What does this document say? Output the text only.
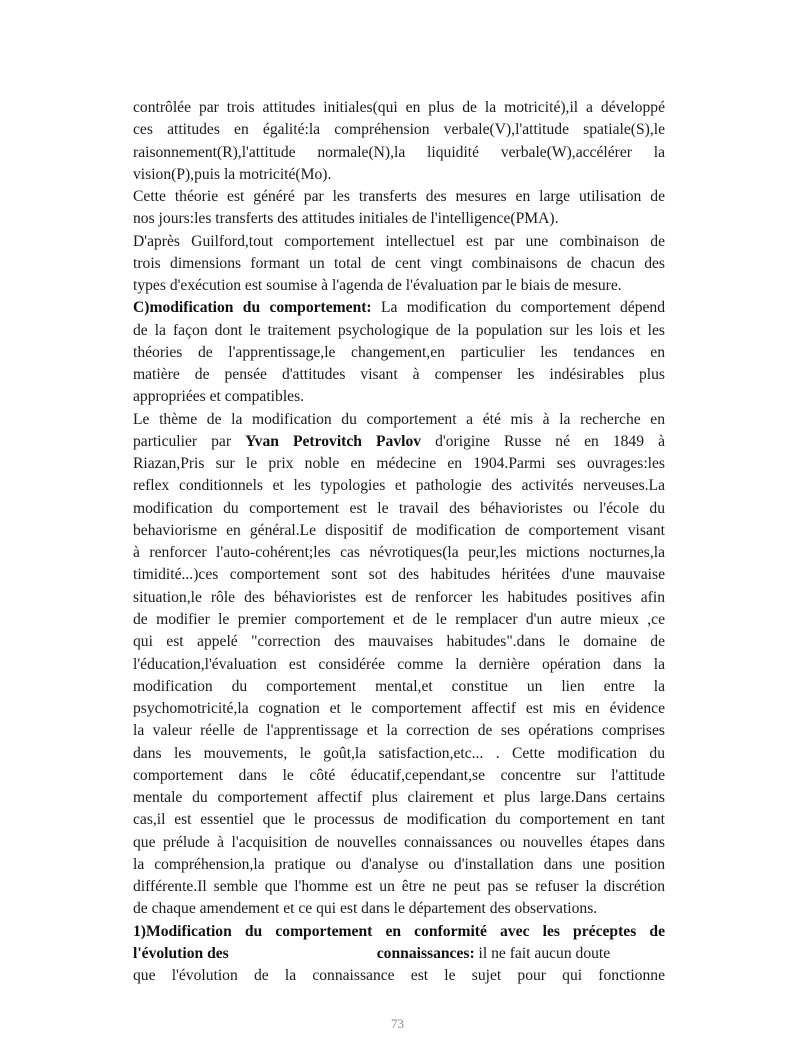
contrôlée par trois attitudes initiales(qui en plus de la motricité),il a développé
ces attitudes en égalité:la compréhension verbale(V),l'attitude spatiale(S),le
raisonnement(R),l'attitude normale(N),la liquidité verbale(W),accélérer la
vision(P),puis la motricité(Mo).
Cette théorie est généré par les transferts des mesures en large utilisation de
nos jours:les transferts des attitudes initiales de l'intelligence(PMA).
D'après Guilford,tout comportement intellectuel est par une combinaison de
trois dimensions formant un total de cent vingt combinaisons de chacun des
types d'exécution est soumise à l'agenda de l'évaluation par le biais de mesure.
C)modification du comportement: La modification du comportement dépend
de la façon dont le traitement psychologique de la population sur les lois et les
théories de l'apprentissage,le changement,en particulier les tendances en
matière de pensée d'attitudes visant à compenser les indésirables plus
appropriées et compatibles.
Le thème de la modification du comportement a été mis à la recherche en
particulier par Yvan Petrovitch Pavlov d'origine Russe né en 1849 à
Riazan,Pris sur le prix noble en médecine en 1904.Parmi ses ouvrages:les
reflex conditionnels et les typologies et pathologie des activités nerveuses.La
modification du comportement est le travail des béhavioristes ou l'école du
behaviorisme en général.Le dispositif de modification de comportement visant
à renforcer l'auto-cohérent;les cas névrotiques(la peur,les mictions nocturnes,la
timidité...)ces comportement sont sot des habitudes héritées d'une mauvaise
situation,le rôle des béhavioristes est de renforcer les habitudes positives afin
de modifier le premier comportement et de le remplacer d'un autre mieux ,ce
qui est appelé "correction des mauvaises habitudes".dans le domaine de
l'éducation,l'évaluation est considérée comme la dernière opération dans la
modification du comportement mental,et constitue un lien entre la
psychomotricité,la cognation et le comportement affectif est mis en évidence
la valeur réelle de l'apprentissage et la correction de ses opérations comprises
dans les mouvements, le goût,la satisfaction,etc... . Cette modification du
comportement dans le côté éducatif,cependant,se concentre sur l'attitude
mentale du comportement affectif plus clairement et plus large.Dans certains
cas,il est essentiel que le processus de modification du comportement en tant
que prélude à l'acquisition de nouvelles connaissances ou nouvelles étapes dans
la compréhension,la pratique ou d'analyse ou d'installation dans une position
différente.Il semble que l'homme est un être ne peut pas se refuser la discrétion
de chaque amendement et ce qui est dans le département des observations.
1)Modification du comportement en conformité avec les préceptes de
l'évolution des	connaissances: il ne fait aucun doute
que l'évolution de la connaissance est le sujet pour qui fonctionne
73
